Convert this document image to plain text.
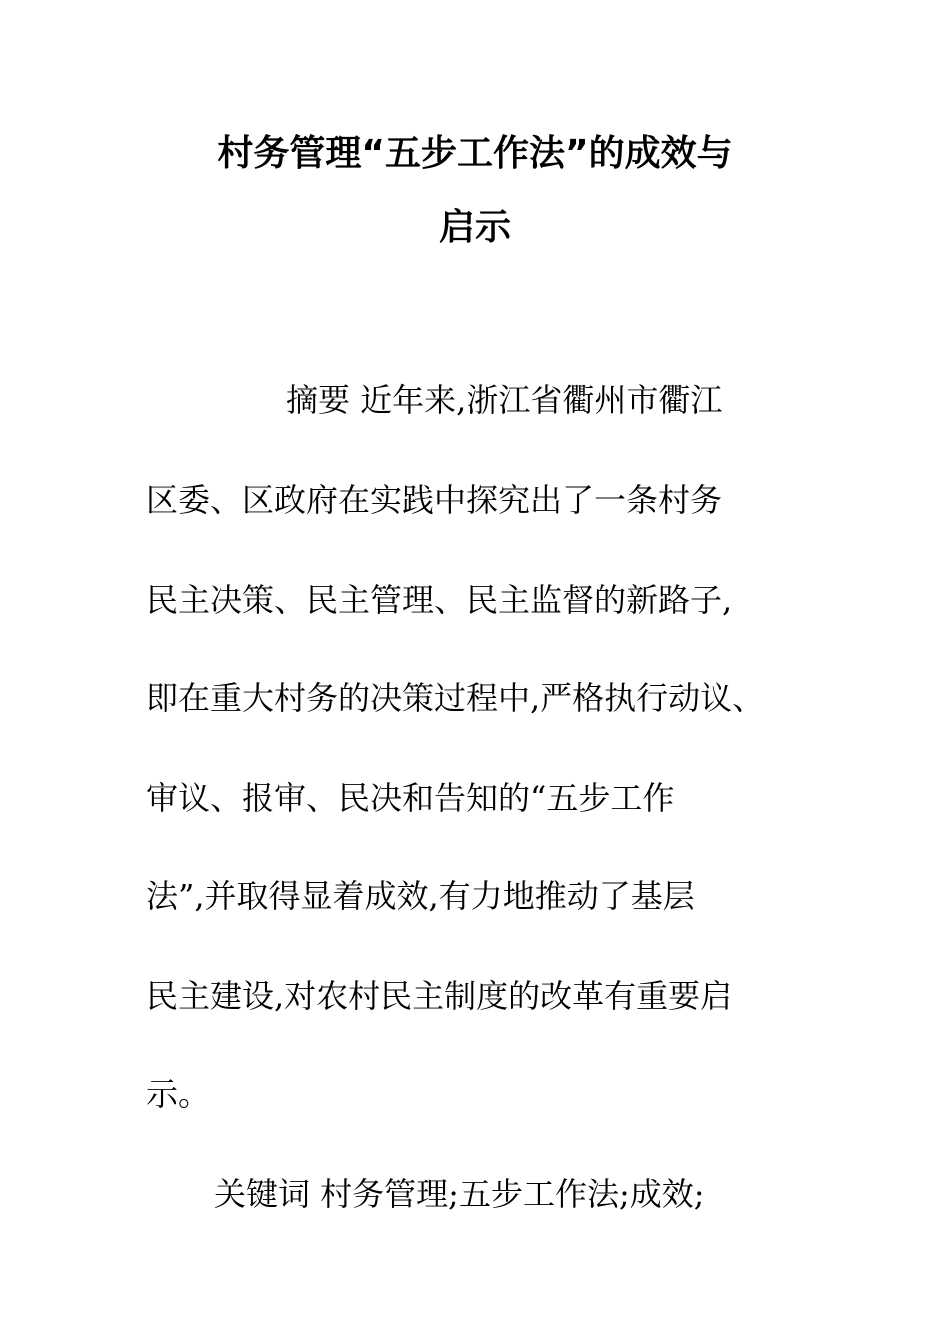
村务管理“五步工作法”的成效与
启示
摘要 近年来,浙江省衢州市衢江
区委、区政府在实践中探究出了一条村务
民主决策、民主管理、民主监督的新路子,
即在重大村务的决策过程中,严格执行动议、
审议、报审、民决和告知的“五步工作
法”,并取得显着成效,有力地推动了基层
民主建设,对农村民主制度的改革有重要启
示。
关键词 村务管理;五步工作法;成效;
